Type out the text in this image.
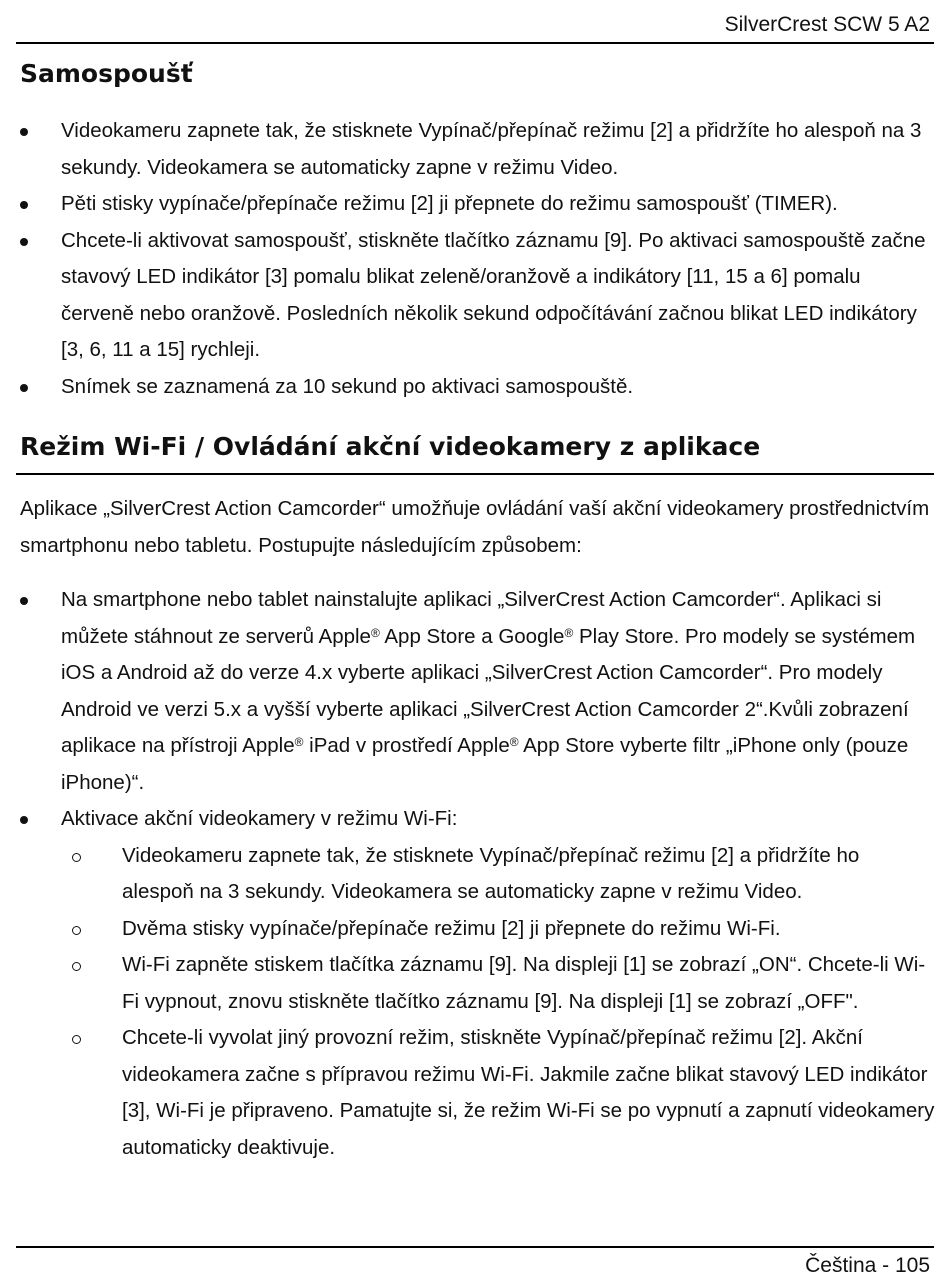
SilverCrest SCW 5 A2
Samospoušť
Videokameru zapnete tak, že stisknete Vypínač/přepínač režimu [2] a přidržíte ho alespoň na 3 sekundy. Videokamera se automaticky zapne v režimu Video.
Pěti stisky vypínače/přepínače režimu [2] ji přepnete do režimu samospoušť (TIMER).
Chcete-li aktivovat samospoušť, stiskněte tlačítko záznamu [9]. Po aktivaci samospouště začne stavový LED indikátor [3] pomalu blikat zeleně/oranžově a indikátory [11, 15 a 6] pomalu červeně nebo oranžově. Posledních několik sekund odpočítávání začnou blikat LED indikátory [3, 6, 11 a 15] rychleji.
Snímek se zaznamená za 10 sekund po aktivaci samospouště.
Režim Wi-Fi / Ovládání akční videokamery z aplikace

Aplikace „SilverCrest Action Camcorder“ umožňuje ovládání vaší akční videokamery prostřednictvím smartphonu nebo tabletu. Postupujte následujícím způsobem:

Na smartphone nebo tablet nainstalujte aplikaci „SilverCrest Action Camcorder“. Aplikaci si můžete stáhnout ze serverů Apple® App Store a Google® Play Store. Pro modely se systémem iOS a Android až do verze 4.x vyberte aplikaci „SilverCrest Action Camcorder“. Pro modely Android ve verzi 5.x a vyšší vyberte aplikaci „SilverCrest Action Camcorder 2“.Kvůli zobrazení aplikace na přístroji Apple® iPad v prostředí Apple® App Store vyberte filtr „iPhone only (pouze iPhone)“.
Aktivace akční videokamery v režimu Wi-Fi:
Videokameru zapnete tak, že stisknete Vypínač/přepínač režimu [2] a přidržíte ho alespoň na 3 sekundy. Videokamera se automaticky zapne v režimu Video.
Dvěma stisky vypínače/přepínače režimu [2] ji přepnete do režimu Wi-Fi.
Wi-Fi zapněte stiskem tlačítka záznamu [9]. Na displeji [1] se zobrazí „ON“. Chcete-li Wi-Fi vypnout, znovu stiskněte tlačítko záznamu [9]. Na displeji [1] se zobrazí „OFF".
Chcete-li vyvolat jiný provozní režim, stiskněte Vypínač/přepínač režimu [2]. Akční videokamera začne s přípravou režimu Wi-Fi. Jakmile začne blikat stavový LED indikátor [3], Wi-Fi je připraveno. Pamatujte si, že režim Wi-Fi se po vypnutí a zapnutí videokamery automaticky deaktivuje.
Čeština - 105
